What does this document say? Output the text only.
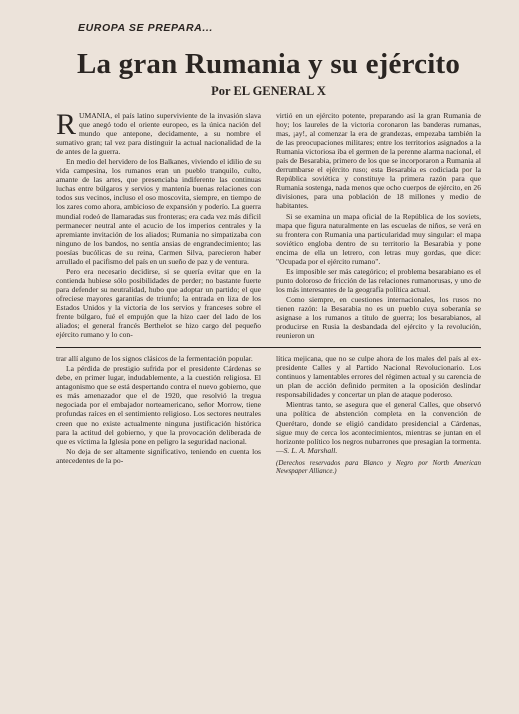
EUROPA SE PREPARA...
La gran Rumania y su ejército
Por EL GENERAL X

RUMANIA, el país latino superviviente de la invasión slava que anegó todo el oriente europeo, es la única nación del mundo que antepone, decidamente, a su nombre el sumativo gran; tal vez para distinguir la actual nacionalidad de la de antes de la guerra.

En medio del hervidero de los Balkanes, viviendo el idilio de su vida campesina, los rumanos eran un pueblo tranquilo, culto, amante de las artes, que presenciaba indiferente las continuas luchas entre búlgaros y servios y mantenía buenas relaciones con todos sus vecinos, incluso el oso moscovita, siempre, en tiempo de los zares como ahora, ambicioso de expansión y poderío. La guerra mundial rodeó de llamaradas sus fronteras; era cada vez más difícil permanecer neutral ante el acucio de los imperios centrales y la apremiante invitación de los aliados; Rumania no simpatizaba con ninguno de los bandos, no sentía ansias de engrandecimiento; las poesías bucólicas de su reina, Carmen Silva, parecieron haber arrullado el pacifismo del país en un sueño de paz y de ventura.

Pero era necesario decidirse, si se quería evitar que en la contienda hubiese sólo posibilidades de perder; no bastante fuerte para defender su neutralidad, hubo que adoptar un partido; el que ofreciese mayores garantías de triunfo; la entrada en liza de los Estados Unidos y la victoria de los servios y franceses sobre el frente búlgaro, fué el empujón que la hizo caer del lado de los aliados; el general francés Berthelot se hizo cargo del pequeño ejército rumano y lo con-

virtió en un ejército potente, preparando así la gran Rumania de hoy; los laureles de la victoria coronaron las banderas rumanas, mas, ¡ay!, al comenzar la era de grandezas, empezaba también la de las preocupaciones militares; entre los territorios asignados a la Rumania victoriosa iba el germen de la perenne alarma nacional, el país de Besarabia, primero de los que se incorporaron a Rumania al derrumbarse el ejército ruso; esta Besarabia es codiciada por la República soviética y constituye la primera razón para que Rumania sostenga, nada menos que ocho cuerpos de ejército, en 26 divisiones, para una población de 18 millones y medio de habitantes.

Si se examina un mapa oficial de la República de los soviets, mapa que figura naturalmente en las escuelas de niños, se verá en su frontera con Rumania una particularidad muy singular: el mapa soviético engloba dentro de su territorio la Besarabia y pone encima de ella un letrero, con letras muy gordas, que dice: "Ocupada por el ejército rumano".

Es imposible ser más categórico; el problema besarabiano es el punto doloroso de fricción de las relaciones rumanorusas, y uno de los más interesantes de la geografía política actual.

Como siempre, en cuestiones internacionales, los rusos no tienen razón: la Besarabia no es un pueblo cuya soberanía se asignase a los rumanos a título de guerra; los besarabianos, al producirse en Rusia la desbandada del ejército y la revolución, reunieron un

trar allí alguno de los signos clásicos de la fermentación popular.

La pérdida de prestigio sufrida por el presidente Cárdenas se debe, en primer lugar, indudablemente, a la cuestión religiosa. El antagonismo que se está despertando contra el nuevo gobierno, que es más amenazador que el de 1920, que resolvió la tregua negociada por el embajador norteamericano, señor Morrow, tiene profundas raíces en el sentimiento religioso. Los sectores neutrales creen que no existe actualmente ninguna justificación histórica para la actitud del gobierno, y que la provocación deliberada de que es víctima la Iglesia pone en peligro la seguridad nacional.

No deja de ser altamente significativo, teniendo en cuenta los antecedentes de la po-

lítica mejicana, que no se culpe ahora de los males del país al ex-presidente Calles y al Partido Nacional Revolucionario. Los continuos y lamentables errores del régimen actual y su carencia de un plan de acción definido permiten a la oposición deslindar responsabilidades y concertar un plan de ataque poderoso.

Mientras tanto, se asegura que el general Calles, que observó una política de abstención completa en la convención de Querétaro, donde se eligió candidato presidencial a Cárdenas, sigue muy de cerca los acontecimientos, mientras se juntan en el horizonte político los negros nubarrones que presagian la tormenta.—S. L. A. Marshall.

(Derechos reservados para Blanco y Negro por North American Newspaper Alliance.)
